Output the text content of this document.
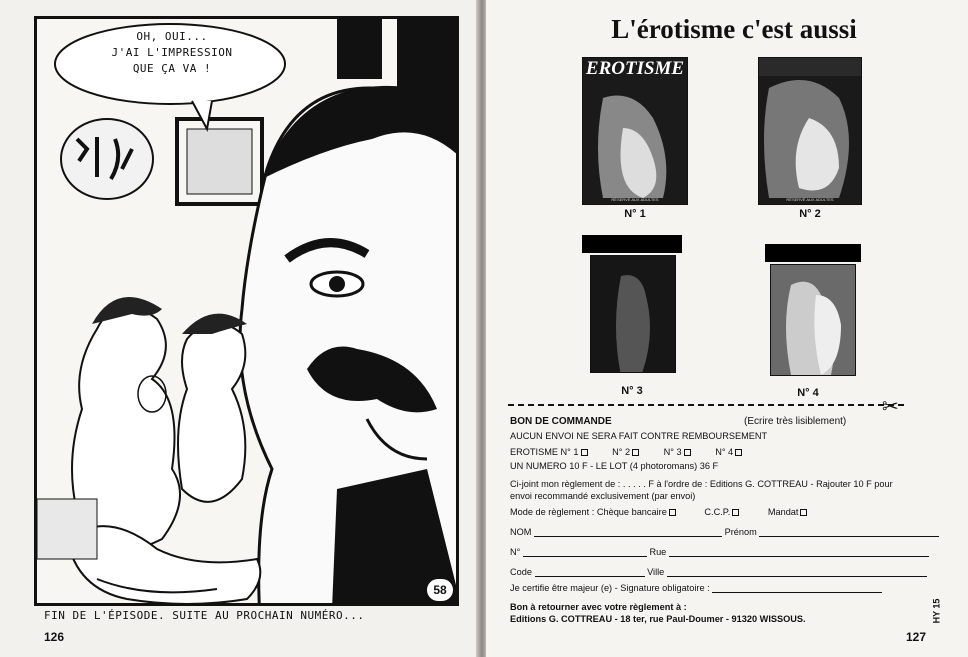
OH, OUI...
J'AI L'IMPRESSION
QUE ÇA VA !
58
FIN DE L'ÉPISODE. SUITE AU PROCHAIN NUMÉRO...
126
L'érotisme c'est aussi
EROTISME
RÉSERVÉ AUX ADULTES
N° 1
RÉSERVÉ AUX ADULTES
N° 2
N° 3	N° 4
✂
BON DE COMMANDE	(Ecrire très lisiblement)
AUCUN ENVOI NE SERA FAIT CONTRE REMBOURSEMENT
EROTISME N° 1	N° 2	N° 3	N° 4
UN NUMERO 10 F - LE LOT (4 photoromans) 36 F
Ci-joint mon règlement de : . . . . . F à l'ordre de : Editions G. COTTREAU - Rajouter 10 F pour
envoi recommandé exclusivement (par envoi)
Mode de règlement : Chèque bancaire	C.C.P.	Mandat
NOM	Prénom
N°	Rue
Code	Ville
Je certifie être majeur (e) - Signature obligatoire :
Bon à retourner avec votre règlement à :
Editions G. COTTREAU - 18 ter, rue Paul-Doumer - 91320 WISSOUS.	HY 15
127
